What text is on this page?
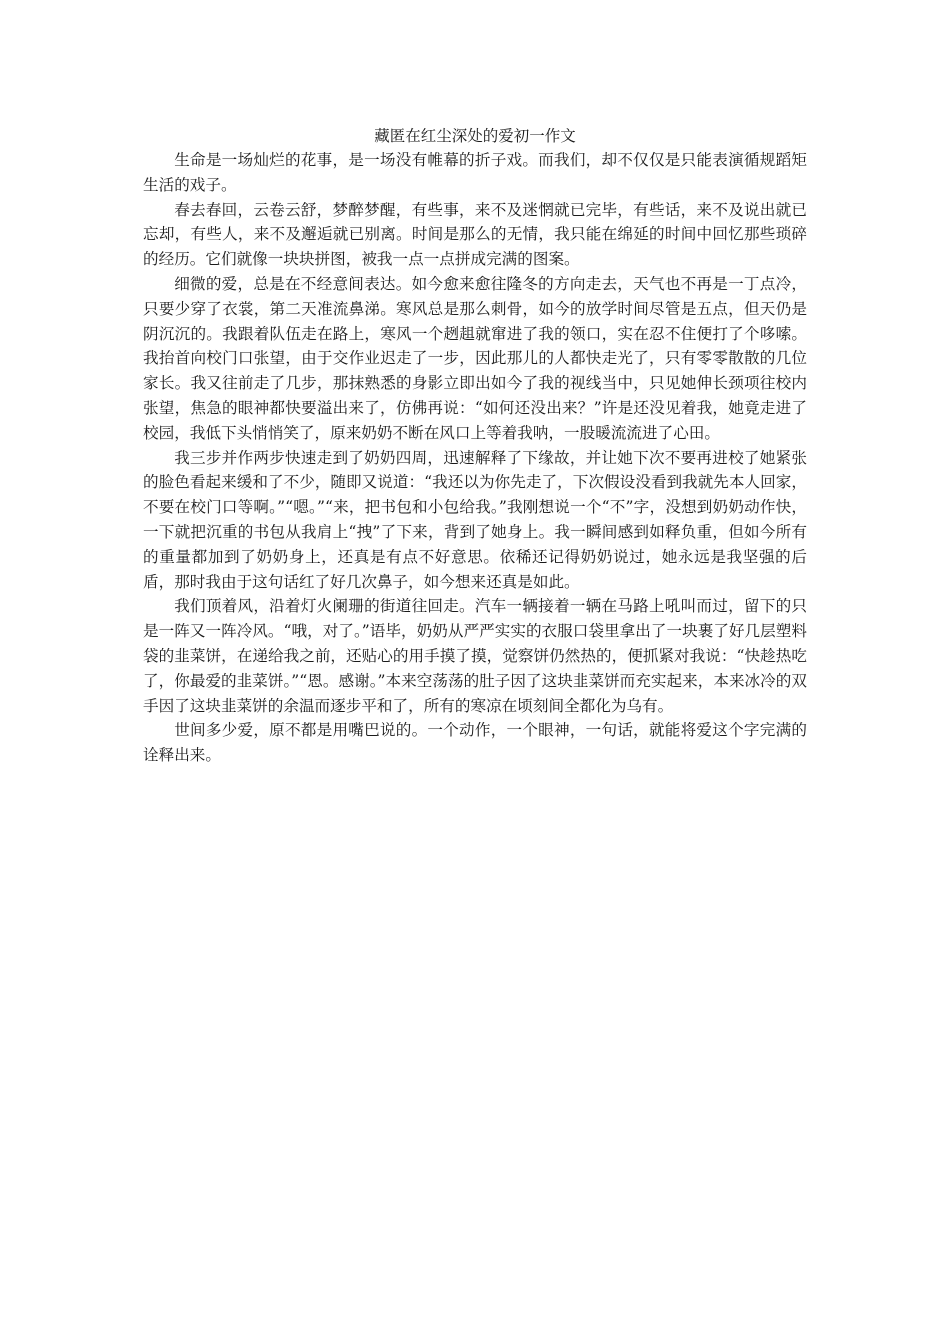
藏匿在红尘深处的爱初一作文

生命是一场灿烂的花事，是一场没有帷幕的折子戏。而我们，却不仅仅是只能表演循规蹈矩生活的戏子。

春去春回，云卷云舒，梦醉梦醒，有些事，来不及迷惘就已完毕，有些话，来不及说出就已忘却，有些人，来不及邂逅就已别离。时间是那么的无情，我只能在绵延的时间中回忆那些琐碎的经历。它们就像一块块拼图，被我一点一点拼成完满的图案。

细微的爱，总是在不经意间表达。如今愈来愈往隆冬的方向走去，天气也不再是一丁点冷，只要少穿了衣裳，第二天准流鼻涕。寒风总是那么刺骨，如今的放学时间尽管是五点，但天仍是阴沉沉的。我跟着队伍走在路上，寒风一个趔趄就窜进了我的领口，实在忍不住便打了个哆嗦。我抬首向校门口张望，由于交作业迟走了一步，因此那儿的人都快走光了，只有零零散散的几位家长。我又往前走了几步，那抹熟悉的身影立即出如今了我的视线当中，只见她伸长颈项往校内张望，焦急的眼神都快要溢出来了，仿佛再说：“如何还没出来？”许是还没见着我，她竟走进了校园，我低下头悄悄笑了，原来奶奶不断在风口上等着我呐，一股暖流流进了心田。

我三步并作两步快速走到了奶奶四周，迅速解释了下缘故，并让她下次不要再进校了她紧张的脸色看起来缓和了不少，随即又说道：“我还以为你先走了，下次假设没看到我就先本人回家，不要在校门口等啊。”“嗯。”“来，把书包和小包给我。”我刚想说一个“不”字，没想到奶奶动作快，一下就把沉重的书包从我肩上“拽”了下来，背到了她身上。我一瞬间感到如释负重，但如今所有的重量都加到了奶奶身上，还真是有点不好意思。依稀还记得奶奶说过，她永远是我坚强的后盾，那时我由于这句话红了好几次鼻子，如今想来还真是如此。

我们顶着风，沿着灯火阑珊的街道往回走。汽车一辆接着一辆在马路上吼叫而过，留下的只是一阵又一阵冷风。“哦，对了。”语毕，奶奶从严严实实的衣服口袋里拿出了一块裹了好几层塑料袋的韭菜饼，在递给我之前，还贴心的用手摸了摸，觉察饼仍然热的，便抓紧对我说：“快趁热吃了，你最爱的韭菜饼。”“恩。感谢。”本来空荡荡的肚子因了这块韭菜饼而充实起来，本来冰冷的双手因了这块韭菜饼的余温而逐步平和了，所有的寒凉在顷刻间全都化为乌有。

世间多少爱，原不都是用嘴巴说的。一个动作，一个眼神，一句话，就能将爱这个字完满的诠释出来。
